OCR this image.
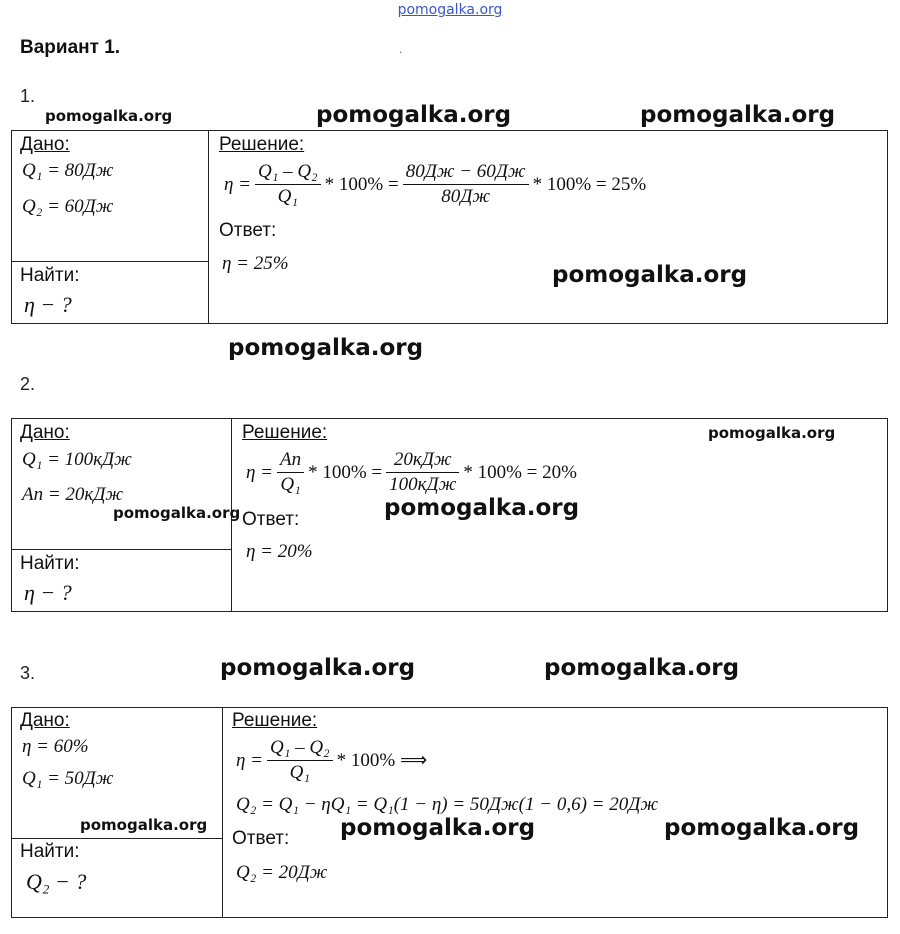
pomogalka.org
Вариант 1.	.
1.
pomogalka.org	pomogalka.org	pomogalka.org
Дано:
Q₁ = 80Дж
Q₂ = 60Дж
Найти:
η − ?
Решение:
$\eta = \frac{\text{Q₁ – Q₂}}{\text{Q₁}} * 100\% = \frac{80Дж - 60Дж}{80Дж} * 100\% = 25\%$
Ответ:
η = 25%	pomogalka.org
pomogalka.org
2.
Дано:
Q₁ = 100кДж
Aп = 20кДж
pomogalka.org
Найти:
η − ?
Решение:	pomogalka.org
$\eta = \frac{Aп}{\text{Q₁}} * 100\% = \frac{\text{20кДж}}{\text{100кДж}} * 100\% = 20\%$
Ответ:	pomogalka.org
η = 20%
3.	pomogalka.org	pomogalka.org
Дано:
η = 60%
Q₁ = 50Дж
pomogalka.org
Найти:
Q₂ − ?
Решение:
$\eta = \frac{\text{Q₁ – Q₂}}{\text{Q₁}} * 100\%$ ⟹
Q₂ = Q₁ − ηQ₁ = Q₁(1 − η) = 50Дж(1 − 0,6) = 20Дж
Ответ: pomogalka.org	pomogalka.org
Q₂ = 20Дж
